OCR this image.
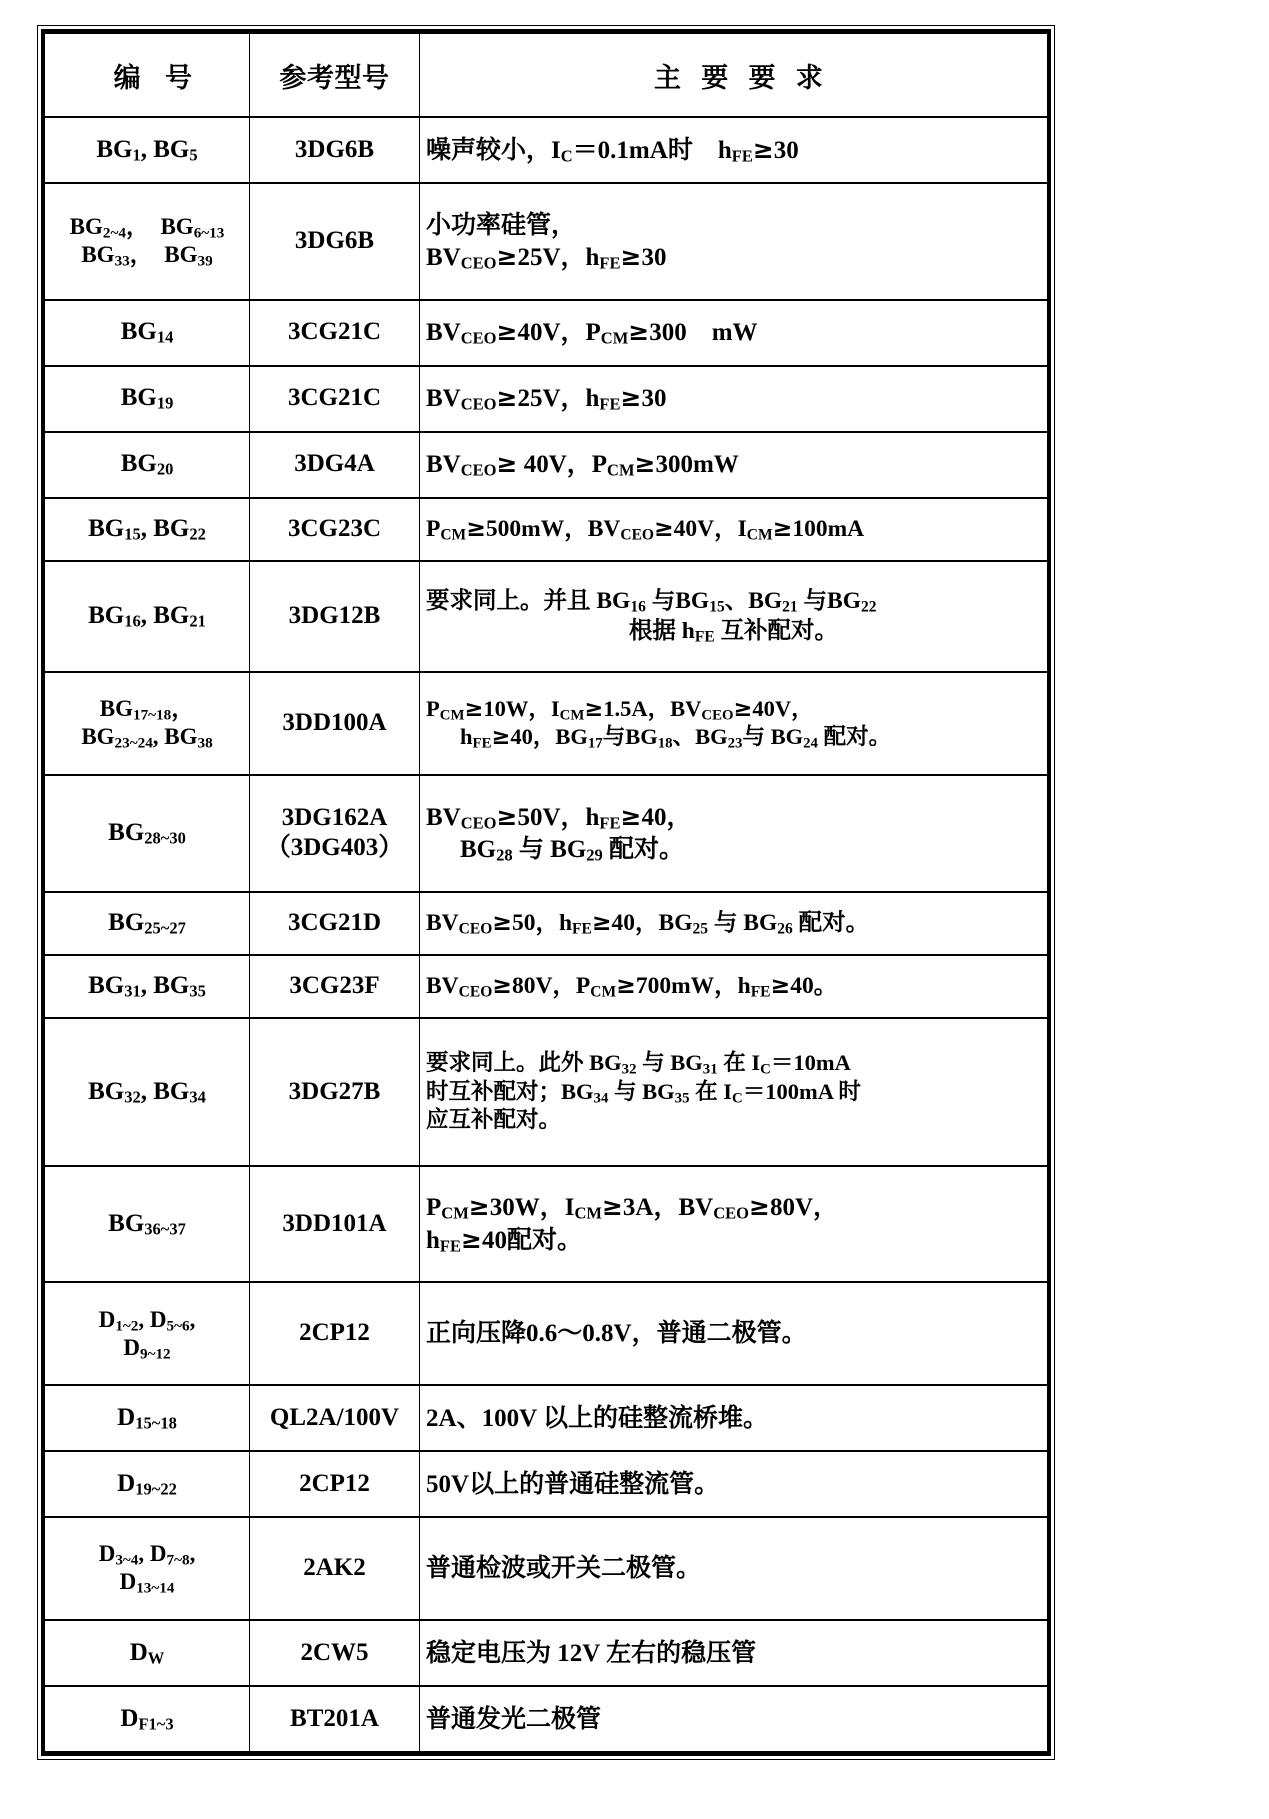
编号	参考型号	主要要求
$BG_1$, $BG_5$	3DG6B	噪声较小，$I_C=0.1mA$时　$h_{FE}\ge 30$

$BG_{2\sim 4}$，　$BG_{6\sim 13}$
$BG_{33}$，　$BG_{39}$	3DG6B	小功率硅管，
$BV_{CEO}\ge 25V$，$h_{FE}\ge 30$

$BG_{14}$	3CG21C	$BV_{CEO}\ge 40V$，$P_{CM}\ge 300$　mW

$BG_{19}$	3CG21C	$BV_{CEO}\ge 25V$，$h_{FE}\ge 30$

$BG_{20}$	3DG4A	$BV_{CEO}\ge 40V$，$P_{CM}\ge 300mW$

$BG_{15}$, $BG_{22}$	3CG23C	$P_{CM}\ge 500mW$，$BV_{CEO}\ge 40V$，$I_{CM}\ge 100mA$

$BG_{16}$, $BG_{21}$	3DG12B	要求同上。并且 $BG_{16}$ 与$BG_{15}$、$BG_{21}$ 与$BG_{22}$
根据 $h_{FE}$ 互补配对。

$BG_{17\sim 18}$，
$BG_{23\sim 24}$, $BG_{38}$	3DD100A	$P_{CM}\ge 10W$，$I_{CM}\ge 1.5A$，$BV_{CEO}\ge 40V$，
$h_{FE}\ge 40$，$BG_{17}$与$BG_{18}$、$BG_{23}$与 $BG_{24}$ 配对。

$BG_{28\sim 30}$	3DG162A
（3DG403）	$BV_{CEO}\ge 50V$，$h_{FE}\ge 40$，
$BG_{28}$ 与 $BG_{29}$ 配对。

$BG_{25\sim 27}$	3CG21D	$BV_{CEO}\ge 50$，$h_{FE}\ge 40$，$BG_{25}$ 与 $BG_{26}$ 配对。

$BG_{31}$, $BG_{35}$	3CG23F	$BV_{CEO}\ge 80V$，$P_{CM}\ge 700mW$，$h_{FE}\ge 40$。

$BG_{32}$, $BG_{34}$	3DG27B	要求同上。此外 $BG_{32}$ 与 $BG_{31}$ 在 $I_C=10mA$
时互补配对；$BG_{34}$ 与 $BG_{35}$ 在 $I_C=100mA$ 时
应互补配对。

$BG_{36\sim 37}$	3DD101A	$P_{CM}\ge 30W$，$I_{CM}\ge 3A$，$BV_{CEO}\ge 80V$，
$h_{FE}\ge 40$配对。

$D_{1\sim 2}$, $D_{5\sim 6}$,
$D_{9\sim 12}$	2CP12	正向压降0.6～0.8V，普通二极管。

$D_{15\sim 18}$	QL2A/100V	2A、100V 以上的硅整流桥堆。

$D_{19\sim 22}$	2CP12	50V以上的普通硅整流管。

$D_{3\sim 4}$, $D_{7\sim 8}$,
$D_{13\sim 14}$	2AK2	普通检波或开关二极管。

$D_W$	2CW5	稳定电压为 12V 左右的稳压管

$D_{F1\sim 3}$	BT201A	普通发光二极管
